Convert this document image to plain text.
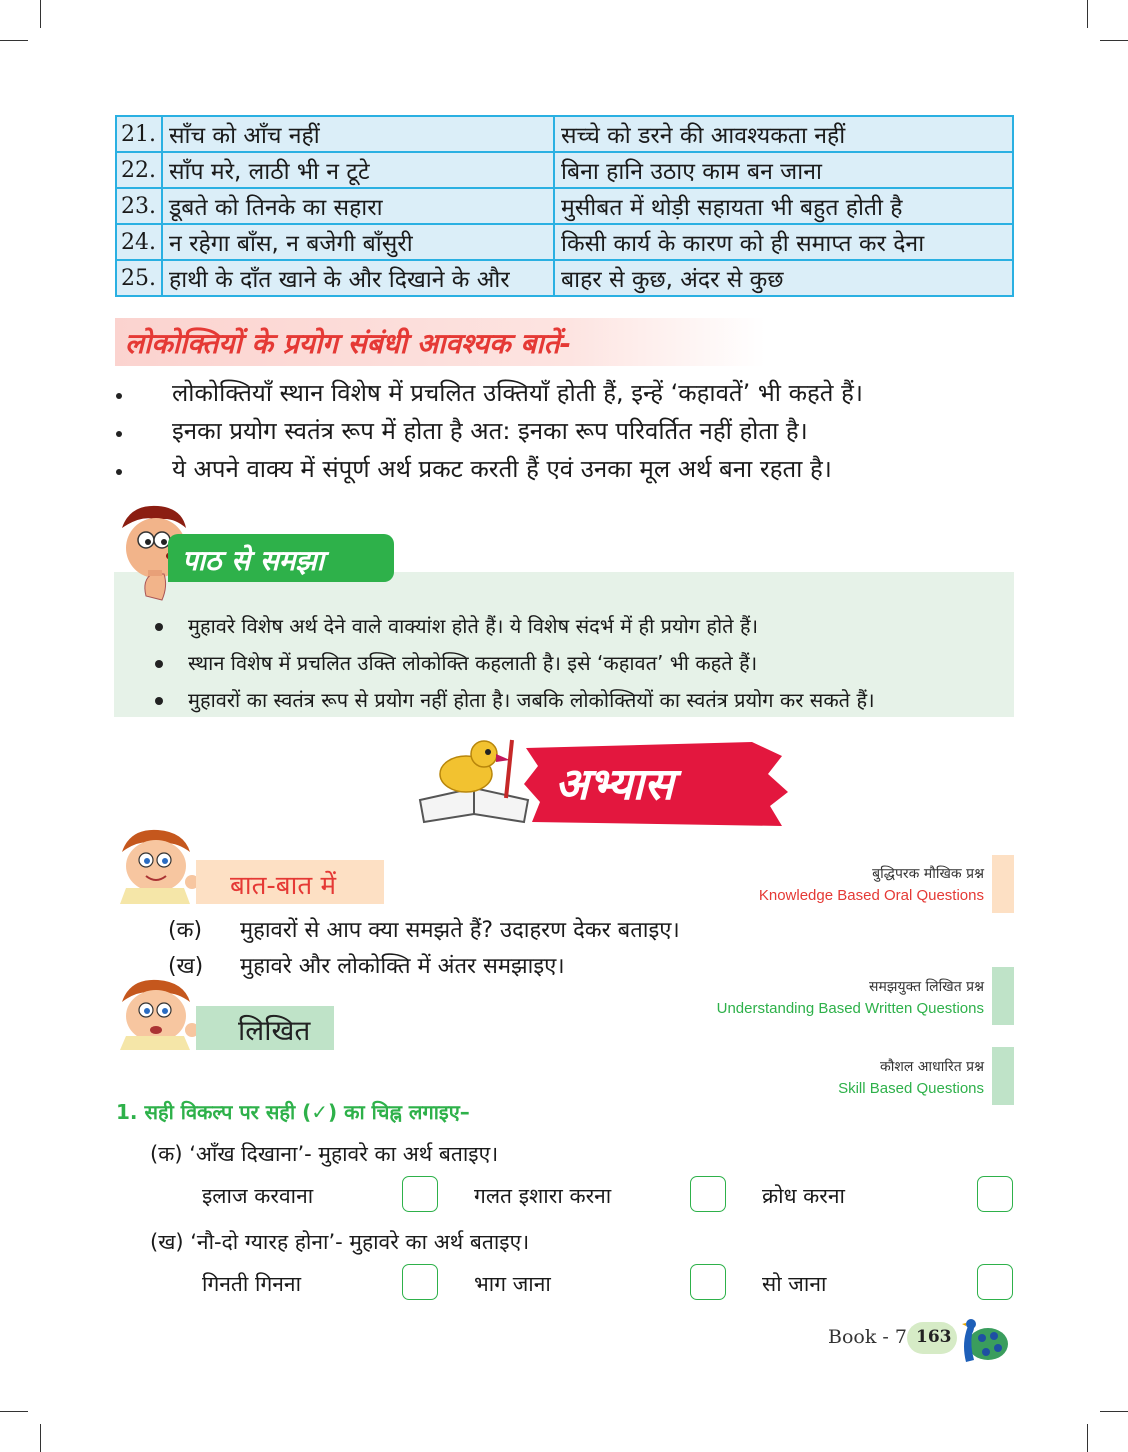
21.	साँच को आँच नहीं	सच्चे को डरने की आवश्यकता नहीं
22.	साँप मरे, लाठी भी न टूटे	बिना हानि उठाए काम बन जाना
23.	डूबते को तिनके का सहारा	मुसीबत में थोड़ी सहायता भी बहुत होती है
24.	न रहेगा बाँस, न बजेगी बाँसुरी	किसी कार्य के कारण को ही समाप्त कर देना
25.	हाथी के दाँत खाने के और दिखाने के और	बाहर से कुछ, अंदर से कुछ
लोकोक्तियों के प्रयोग संबंधी आवश्यक बातें-
लोकोक्तियाँ स्थान विशेष में प्रचलित उक्तियाँ होती हैं, इन्हें ‘कहावतें’ भी कहते हैं।
इनका प्रयोग स्वतंत्र रूप में होता है अत: इनका रूप परिवर्तित नहीं होता है।
ये अपने वाक्य में संपूर्ण अर्थ प्रकट करती हैं एवं उनका मूल अर्थ बना रहता है।
पाठ से समझा
मुहावरे विशेष अर्थ देने वाले वाक्यांश होते हैं। ये विशेष संदर्भ में ही प्रयोग होते हैं।
स्थान विशेष में प्रचलित उक्ति लोकोक्ति कहलाती है। इसे ‘कहावत’ भी कहते हैं।
मुहावरों का स्वतंत्र रूप से प्रयोग नहीं होता है। जबकि लोकोक्तियों का स्वतंत्र प्रयोग कर सकते हैं।
अभ्यास
बात-बात में	बुद्धिपरक मौखिक प्रश्न
Knowledge Based Oral Questions
(क) मुहावरों से आप क्या समझते हैं? उदाहरण देकर बताइए।
(ख) मुहावरे और लोकोक्ति में अंतर समझाइए।
लिखित
समझयुक्त लिखित प्रश्न
Understanding Based Written Questions
कौशल आधारित प्रश्न
Skill Based Questions
1. सही विकल्प पर सही (✓) का चिह्न लगाइए–
(क) ‘आँख दिखाना’- मुहावरे का अर्थ बताइए।
इलाज करवाना	गलत इशारा करना	क्रोध करना
(ख) ‘नौ-दो ग्यारह होना’- मुहावरे का अर्थ बताइए।
गिनती गिनना	भाग जाना	सो जाना
Book - 7 163
